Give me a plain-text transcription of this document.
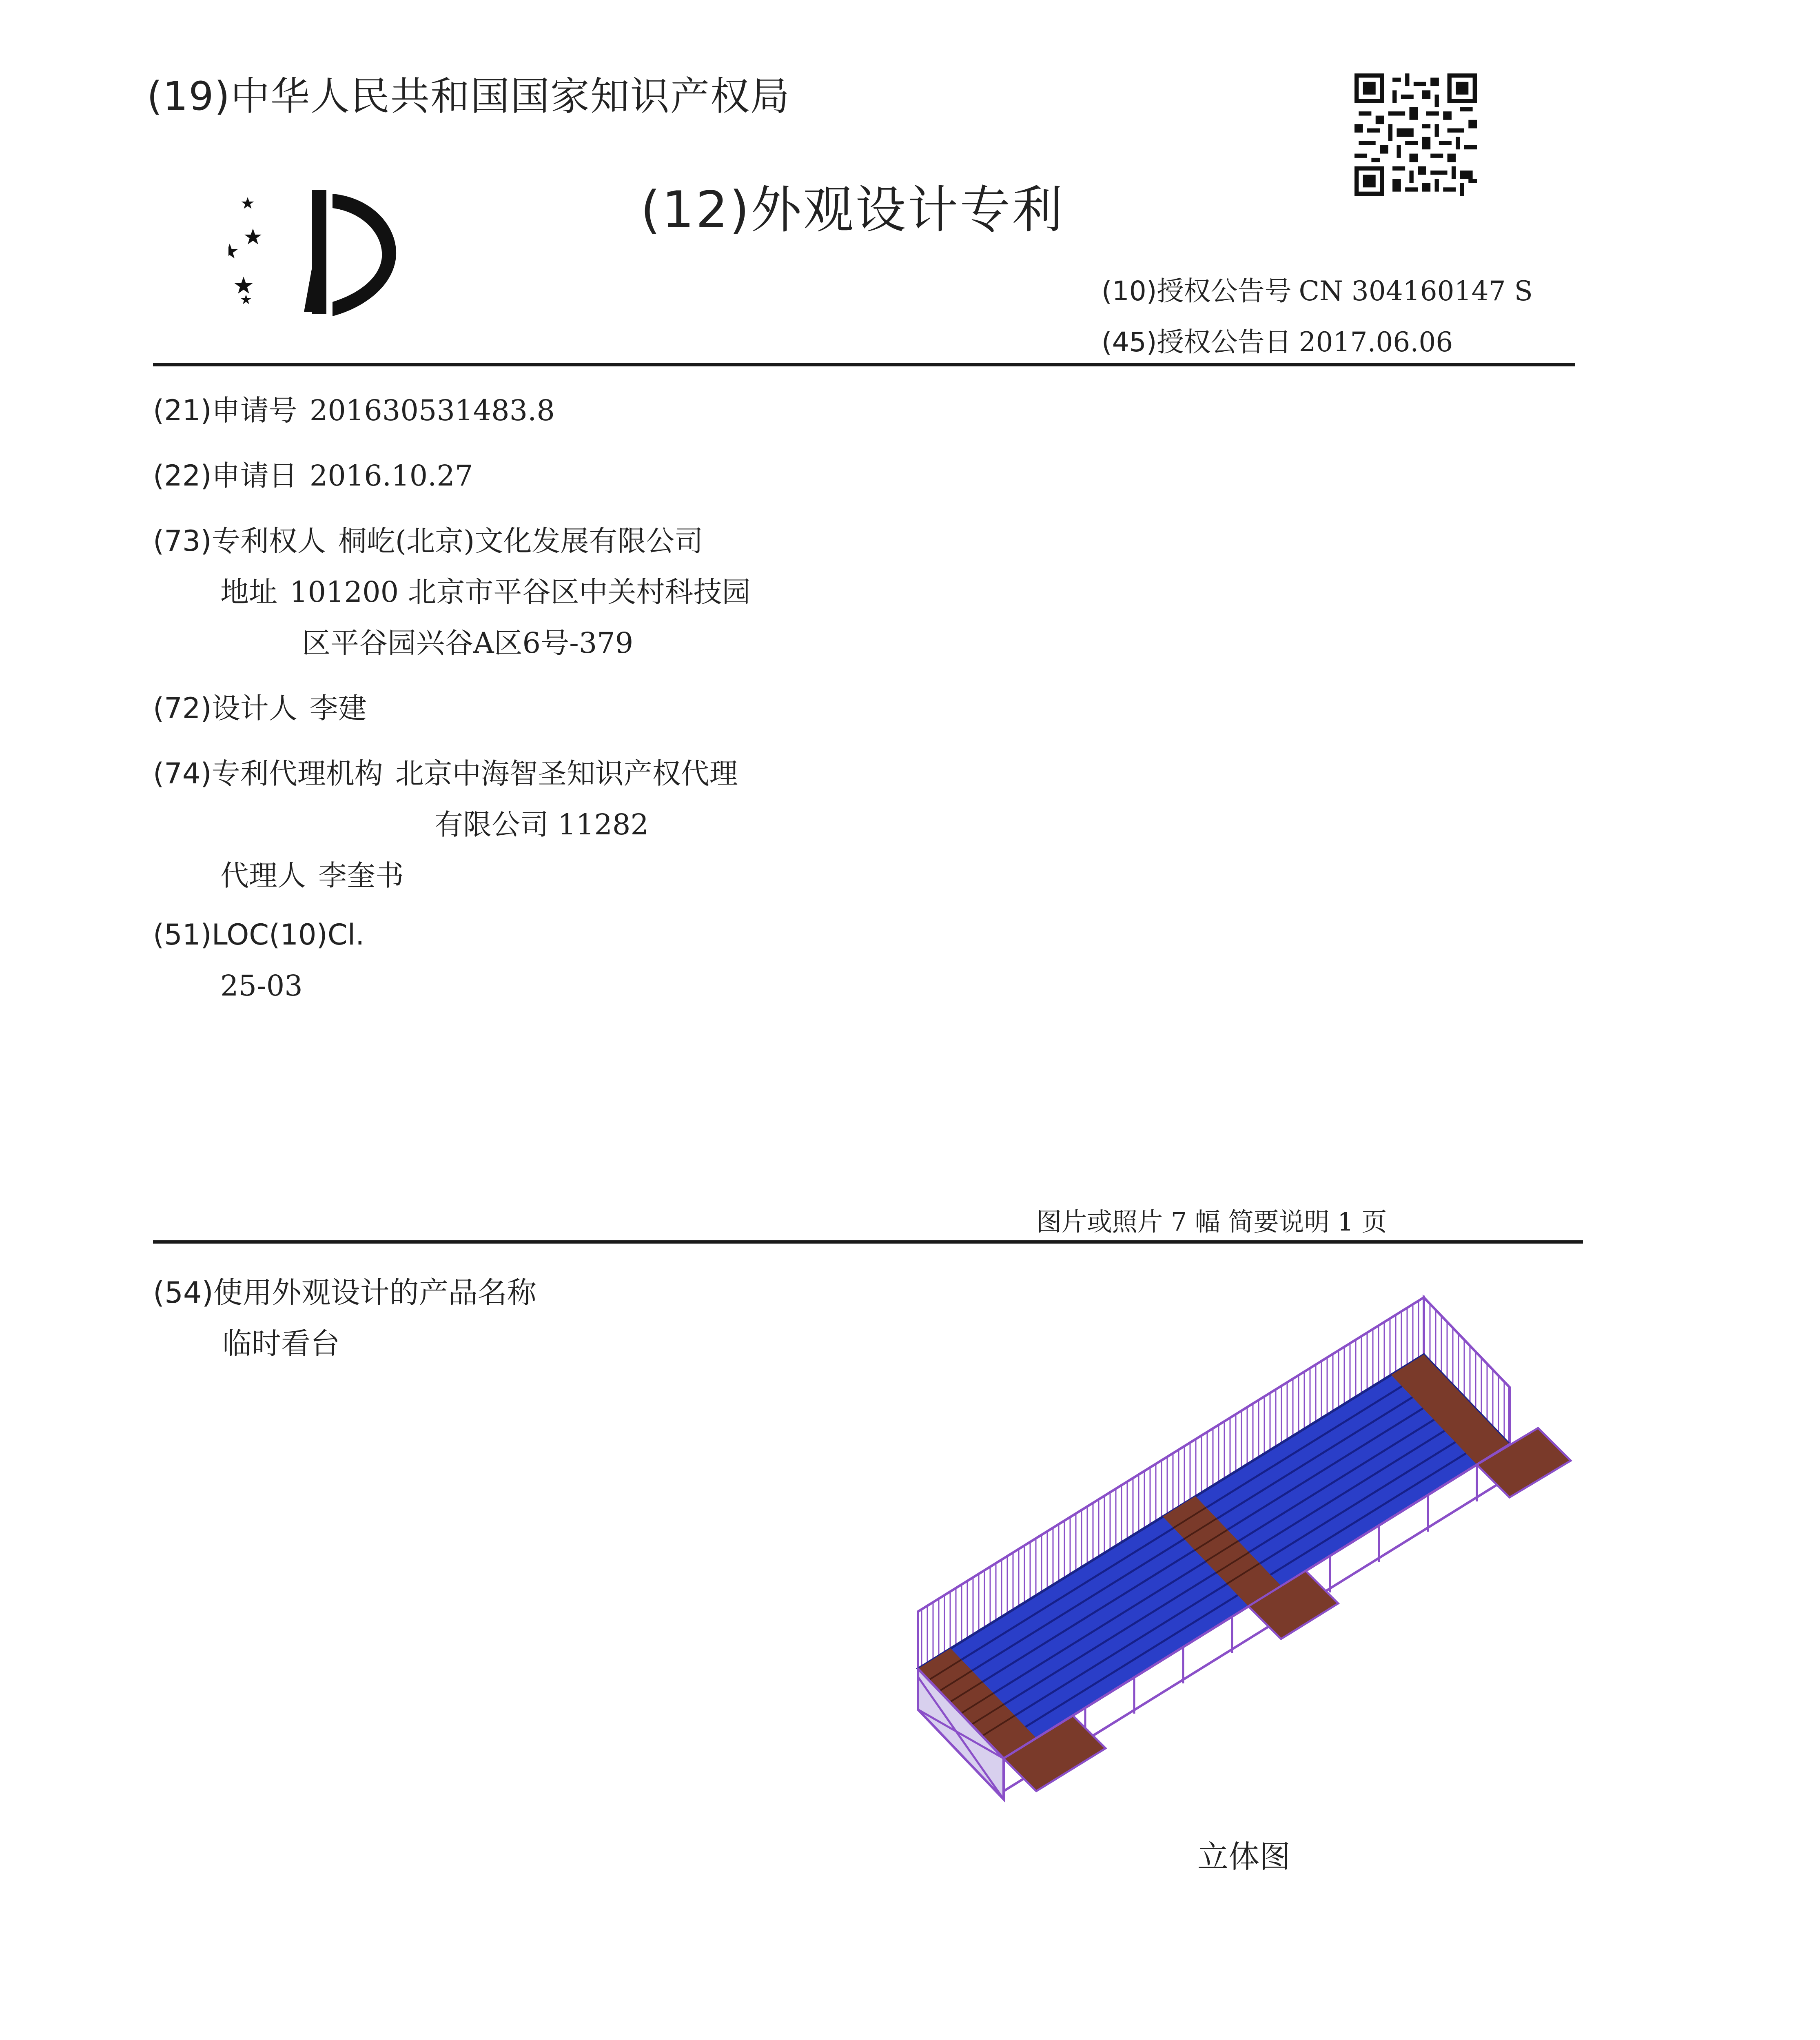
(19)中华人民共和国国家知识产权局
(12)外观设计专利
(10)授权公告号 CN 304160147 S
(45)授权公告日 2017.06.06
(21)申请号 201630531483.8
(22)申请日 2016.10.27
(73)专利权人 桐屹(北京)文化发展有限公司
地址 101200 北京市平谷区中关村科技园
区平谷园兴谷A区6号-379
(72)设计人 李建
(74)专利代理机构 北京中海智圣知识产权代理
有限公司 11282
代理人 李奎书
(51)LOC(10)Cl.
25-03
图片或照片 7 幅 简要说明 1 页
(54)使用外观设计的产品名称
临时看台
立体图
